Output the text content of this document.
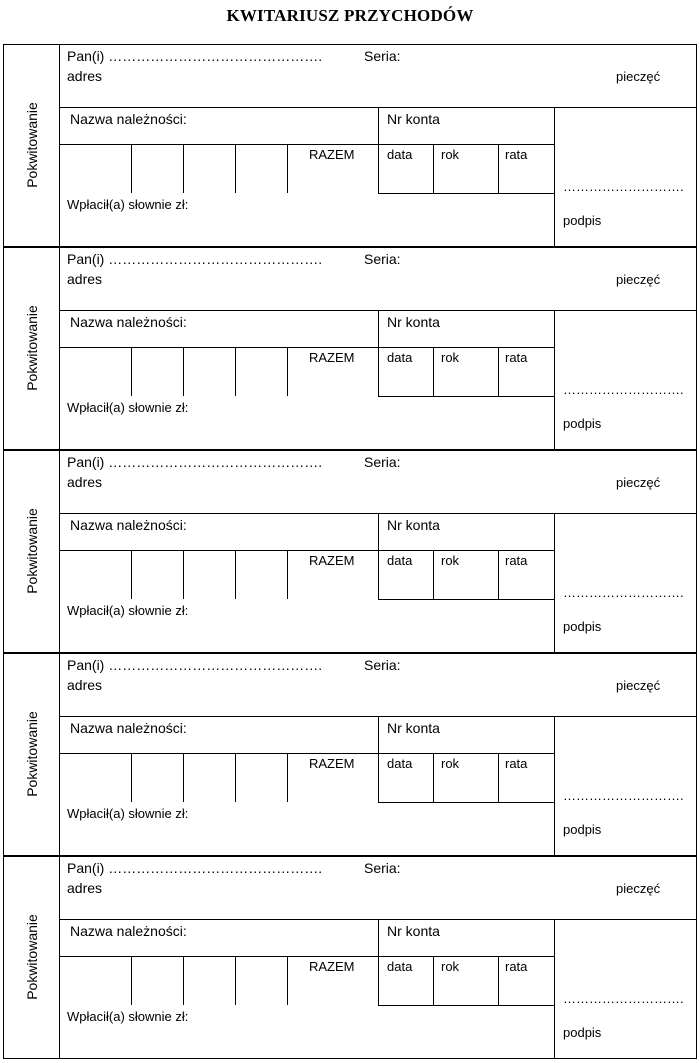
KWITARIUSZ PRZYCHODÓW
Pokwitowanie
Pan(i) ……………………………………….	Seria:
adres	pieczęć
Nazwa należności:	Nr konta
RAZEM	data rok	rata
Wpłacił(a) słownie zł:
……………………….
podpis
Pokwitowanie
Pan(i) ……………………………………….	Seria:
adres	pieczęć
Nazwa należności:	Nr konta
RAZEM	data rok	rata
Wpłacił(a) słownie zł:
……………………….
podpis
Pokwitowanie
Pan(i) ……………………………………….	Seria:
adres	pieczęć
Nazwa należności:	Nr konta
RAZEM	data rok	rata
Wpłacił(a) słownie zł:
……………………….
podpis
Pokwitowanie
Pan(i) ……………………………………….	Seria:
adres	pieczęć
Nazwa należności:	Nr konta
RAZEM	data rok	rata
Wpłacił(a) słownie zł:
……………………….
podpis
Pokwitowanie
Pan(i) ……………………………………….	Seria:
adres	pieczęć
Nazwa należności:	Nr konta
RAZEM	data rok	rata
Wpłacił(a) słownie zł:
……………………….
podpis
